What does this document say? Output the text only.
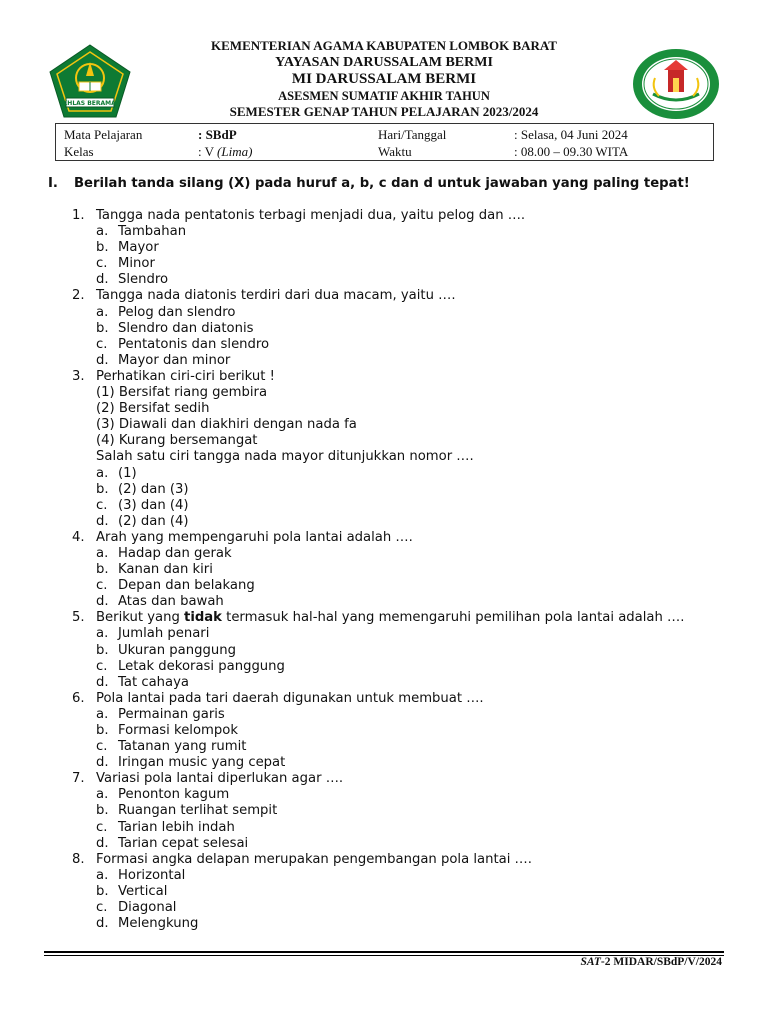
IKHLAS BERAMAL
KEMENTERIAN AGAMA KABUPATEN LOMBOK BARAT
YAYASAN DARUSSALAM BERMI
MI DARUSSALAM BERMI
ASESMEN SUMATIF AKHIR TAHUN
SEMESTER GENAP TAHUN PELAJARAN 2023/2024
Mata Pelajaran	: SBdP	Hari/Tanggal	: Selasa, 04 Juni 2024
Kelas	: V (Lima)	Waktu	: 08.00 – 09.30 WITA
I. Berilah tanda silang (X) pada huruf a, b, c dan d untuk jawaban yang paling tepat!
1. Tangga nada pentatonis terbagi menjadi dua, yaitu pelog dan ….
a. Tambahan
b. Mayor
c. Minor
d. Slendro
2. Tangga nada diatonis terdiri dari dua macam, yaitu ….
a. Pelog dan slendro
b. Slendro dan diatonis
c. Pentatonis dan slendro
d. Mayor dan minor
3. Perhatikan ciri-ciri berikut !
(1) Bersifat riang gembira
(2) Bersifat sedih
(3) Diawali dan diakhiri dengan nada fa
(4) Kurang bersemangat
Salah satu ciri tangga nada mayor ditunjukkan nomor ….
a. (1)
b. (2) dan (3)
c. (3) dan (4)
d. (2) dan (4)
4. Arah yang mempengaruhi pola lantai adalah ….
a. Hadap dan gerak
b. Kanan dan kiri
c. Depan dan belakang
d. Atas dan bawah
5. Berikut yang tidak termasuk hal-hal yang memengaruhi pemilihan pola lantai adalah ….
a. Jumlah penari
b. Ukuran panggung
c. Letak dekorasi panggung
d. Tat cahaya
6. Pola lantai pada tari daerah digunakan untuk membuat ….
a. Permainan garis
b. Formasi kelompok
c. Tatanan yang rumit
d. Iringan music yang cepat
7. Variasi pola lantai diperlukan agar ….
a. Penonton kagum
b. Ruangan terlihat sempit
c. Tarian lebih indah
d. Tarian cepat selesai
8. Formasi angka delapan merupakan pengembangan pola lantai ….
a. Horizontal
b. Vertical
c. Diagonal
d. Melengkung
SAT-2 MIDAR/SBdP/V/2024
